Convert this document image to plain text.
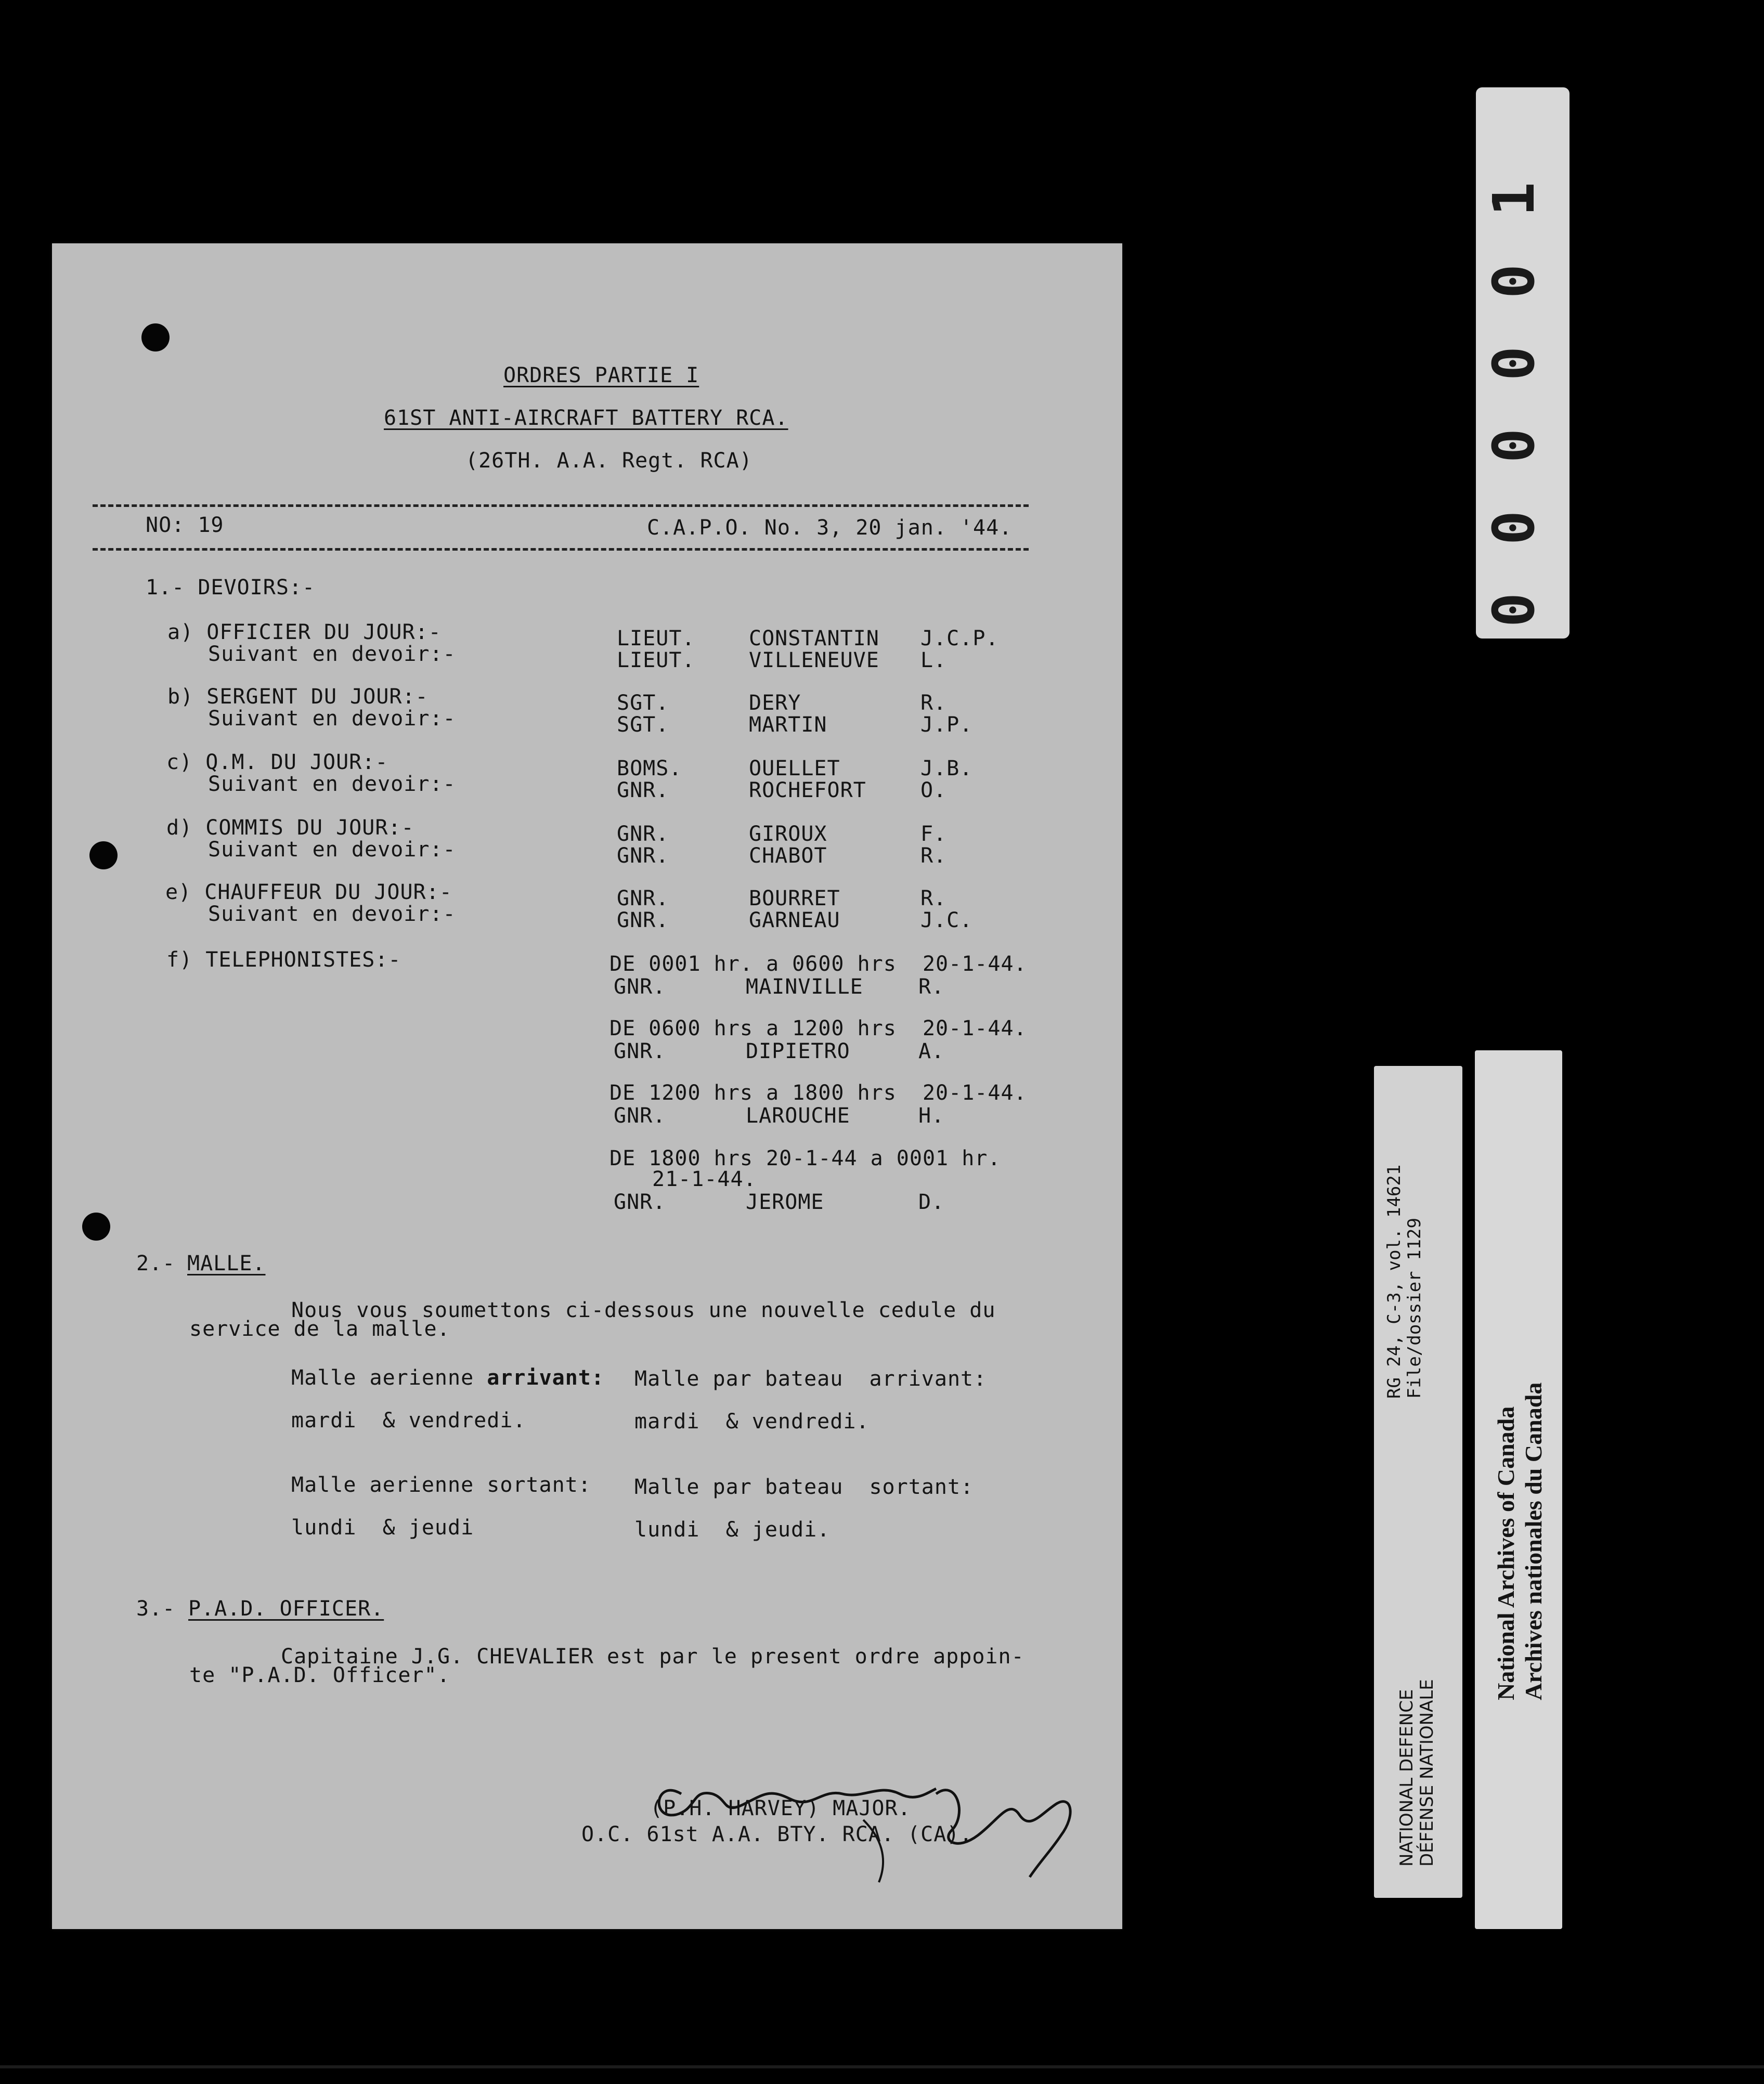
ORDRES PARTIE I
61ST ANTI-AIRCRAFT BATTERY RCA.
(26TH. A.A. Regt. RCA)
NO: 19	C.A.P.O. No. 3, 20 jan. '44.
1.- DEVOIRS:-
a) OFFICIER DU JOUR:-
Suivant en devoir:-
LIEUT.	CONSTANTIN J.C.P.
LIEUT.	VILLENEUVE L.
b) SERGENT DU JOUR:-
Suivant en devoir:-
SGT.	DERY	R.
SGT.	MARTIN	J.P.
c) Q.M. DU JOUR:-
Suivant en devoir:-
BOMS.	OUELLET	J.B.
GNR.	ROCHEFORT	O.
d) COMMIS DU JOUR:-
Suivant en devoir:-
GNR.	GIROUX	F.
GNR.	CHABOT	R.
e) CHAUFFEUR DU JOUR:-
Suivant en devoir:-
GNR.	BOURRET	R.
GNR.	GARNEAU	J.C.
f) TELEPHONISTES:-	DE 0001 hr. a 0600 hrs  20-1-44.
GNR.	MAINVILLE	R.
DE 0600 hrs a 1200 hrs  20-1-44.
GNR.	DIPIETRO	A.
DE 1200 hrs a 1800 hrs  20-1-44.
GNR.	LAROUCHE	H.
DE 1800 hrs 20-1-44 a 0001 hr.
21-1-44.
GNR.	JEROME	D.
2.- MALLE.
Nous vous soumettons ci-dessous une nouvelle cedule du
service de la malle.
Malle aerienne arrivant: Malle par bateau  arrivant:
mardi  & vendredi.	mardi  & vendredi.
Malle aerienne sortant: Malle par bateau  sortant:
lundi  & jeudi	lundi  & jeudi.
3.- P.A.D. OFFICER.
Capitaine J.G. CHEVALIER est par le present ordre appoin-
te "P.A.D. Officer".
(P.H. HARVEY) MAJOR.
O.C. 61st A.A. BTY. RCA. (CA).
0
0
0
0
0
1
NATIONAL DEFENCE
DÉFENSE NATIONALE
RG 24, C-3, vol. 14621
File/dossier 1129
National Archives of Canada
Archives nationales du Canada
